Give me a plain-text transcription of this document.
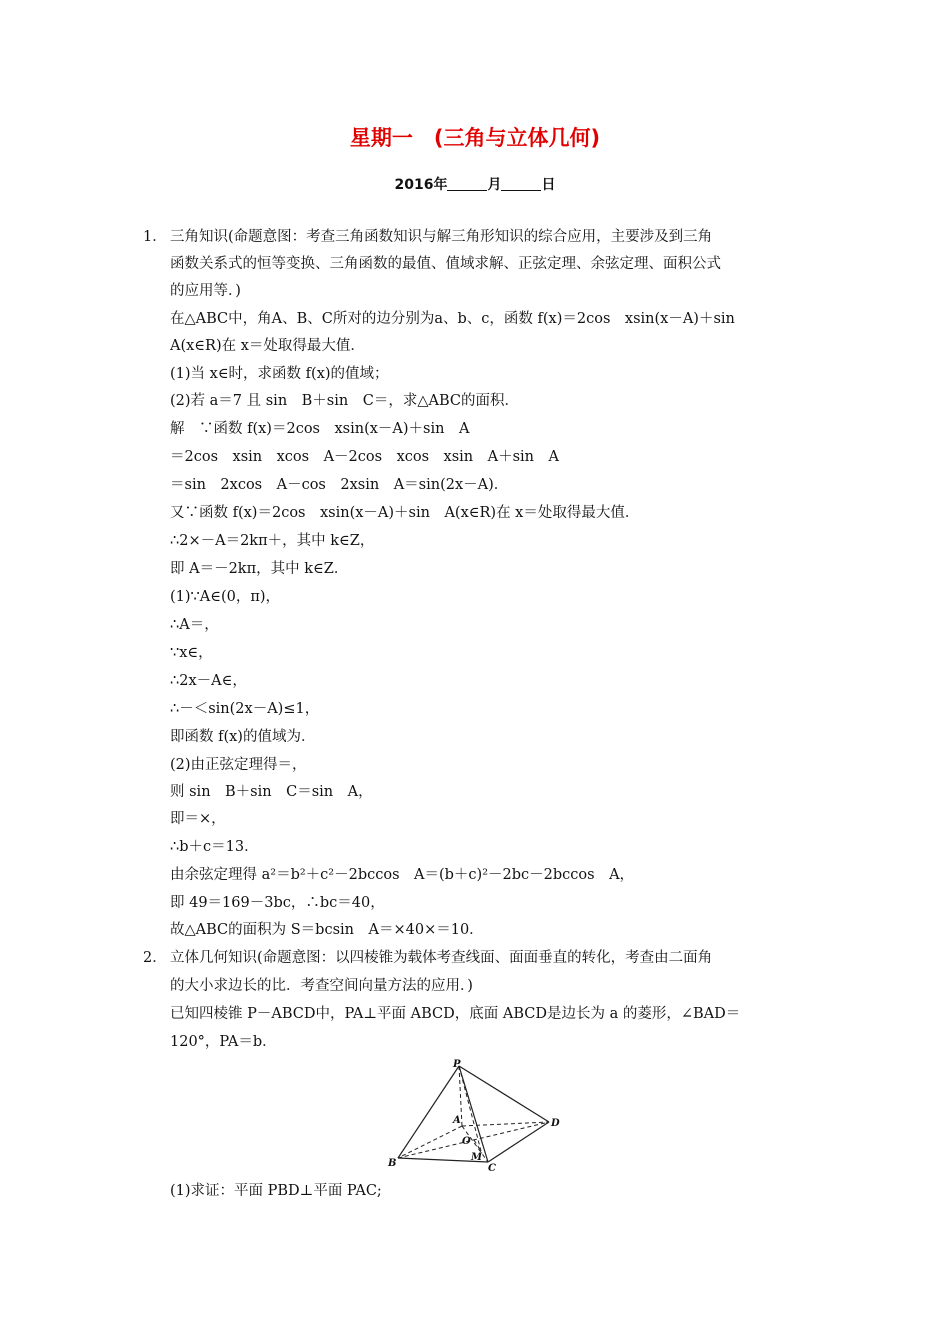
星期一　(三角与立体几何)
2016年	月	日
1． 三角知识(命题意图：考查三角函数知识与解三角形知识的综合应用，主要涉及到三角
函数关系式的恒等变换、三角函数的最值、值域求解、正弦定理、余弦定理、面积公式
的应用等．)
在△ABC中，角A、B、C所对的边分别为a、b、c，函数 f(x)＝2cos　xsin(x－A)＋sin
A(x∈R)在 x＝处取得最大值．
(1)当 x∈时，求函数 f(x)的值域；
(2)若 a＝7 且 sin　B＋sin　C＝，求△ABC的面积．
解　∵函数 f(x)＝2cos　xsin(x－A)＋sin　A
＝2cos　xsin　xcos　A－2cos　xcos　xsin　A＋sin　A
＝sin　2xcos　A－cos　2xsin　A＝sin(2x－A)．
又∵函数 f(x)＝2cos　xsin(x－A)＋sin　A(x∈R)在 x＝处取得最大值．
∴2×－A＝2kπ＋，其中 k∈Z，
即 A＝－2kπ，其中 k∈Z．
(1)∵A∈(0，π)，
∴A＝，
∵x∈，
∴2x－A∈，
∴－＜sin(2x－A)≤1，
即函数 f(x)的值域为．
(2)由正弦定理得＝，
则 sin　B＋sin　C＝sin　A，
即＝×，
∴b＋c＝13．
由余弦定理得 a²＝b²＋c²－2bccos　A＝(b＋c)²－2bc－2bccos　A，
即 49＝169－3bc，∴bc＝40，
故△ABC的面积为 S＝bcsin　A＝×40×＝10．
2． 立体几何知识(命题意图：以四棱锥为载体考查线面、面面垂直的转化，考查由二面角
的大小求边长的比．考查空间向量方法的应用．)
已知四棱锥 P－ABCD中，PA⊥平面 ABCD，底面 ABCD是边长为 a 的菱形，∠BAD＝
120°，PA＝b．
P
A
O
M
B	C
D
(1)求证：平面 PBD⊥平面 PAC;
